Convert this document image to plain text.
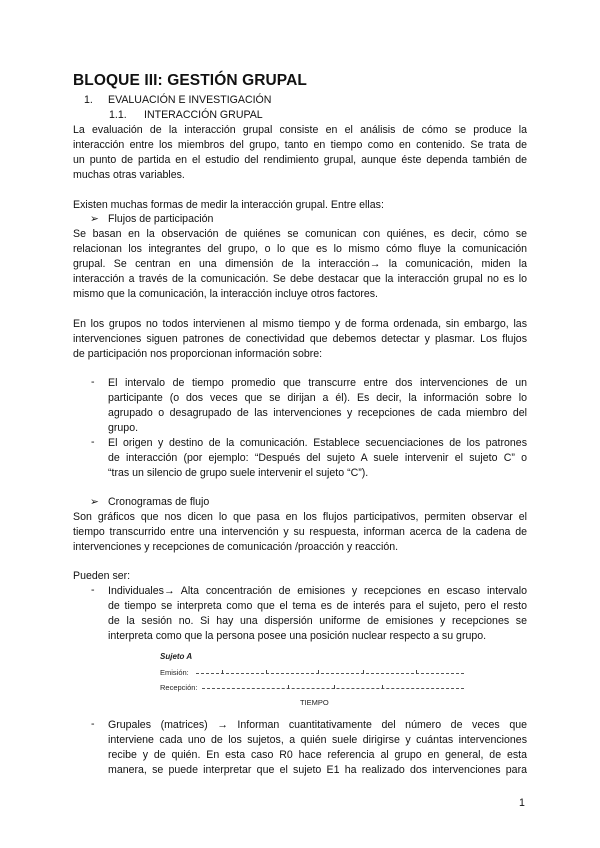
BLOQUE III: GESTIÓN GRUPAL
1. EVALUACIÓN E INVESTIGACIÓN
1.1. INTERACCIÓN GRUPAL
La evaluación de la interacción grupal consiste en el análisis de cómo se produce la
interacción entre los miembros del grupo, tanto en tiempo como en contenido. Se trata de
un punto de partida en el estudio del rendimiento grupal, aunque éste dependa también de
muchas otras variables.
Existen muchas formas de medir la interacción grupal. Entre ellas:
➢ Flujos de participación
Se basan en la observación de quiénes se comunican con quiénes, es decir, cómo se
relacionan los integrantes del grupo, o lo que es lo mismo cómo fluye la comunicación
grupal. Se centran en una dimensión de la interacción→ la comunicación, miden la
interacción a través de la comunicación. Se debe destacar que la interacción grupal no es lo
mismo que la comunicación, la interacción incluye otros factores.
En los grupos no todos intervienen al mismo tiempo y de forma ordenada, sin embargo, las
intervenciones siguen patrones de conectividad que debemos detectar y plasmar. Los flujos
de participación nos proporcionan información sobre:
- El intervalo de tiempo promedio que transcurre entre dos intervenciones de un
participante (o dos veces que se dirijan a él). Es decir, la información sobre lo
agrupado o desagrupado de las intervenciones y recepciones de cada miembro del
grupo.
- El origen y destino de la comunicación. Establece secuenciaciones de los patrones
de interacción (por ejemplo: “Después del sujeto A suele intervenir el sujeto C” o
“tras un silencio de grupo suele intervenir el sujeto “C”).
➢ Cronogramas de flujo
Son gráficos que nos dicen lo que pasa en los flujos participativos, permiten observar el
tiempo transcurrido entre una intervención y su respuesta, informan acerca de la cadena de
intervenciones y recepciones de comunicación /proacción y reacción.
Pueden ser:
- Individuales→ Alta concentración de emisiones y recepciones en escaso intervalo
de tiempo se interpreta como que el tema es de interés para el sujeto, pero el resto
de la sesión no. Si hay una dispersión uniforme de emisiones y recepciones se
interpreta como que la persona posee una posición nuclear respecto a su grupo.
Sujeto A
Emisión:
Recepción:
TIEMPO
- Grupales (matrices) → Informan cuantitativamente del número de veces que
interviene cada uno de los sujetos, a quién suele dirigirse y cuántas intervenciones
recibe y de quién. En esta caso R0 hace referencia al grupo en general, de esta
manera, se puede interpretar que el sujeto E1 ha realizado dos intervenciones para
1
